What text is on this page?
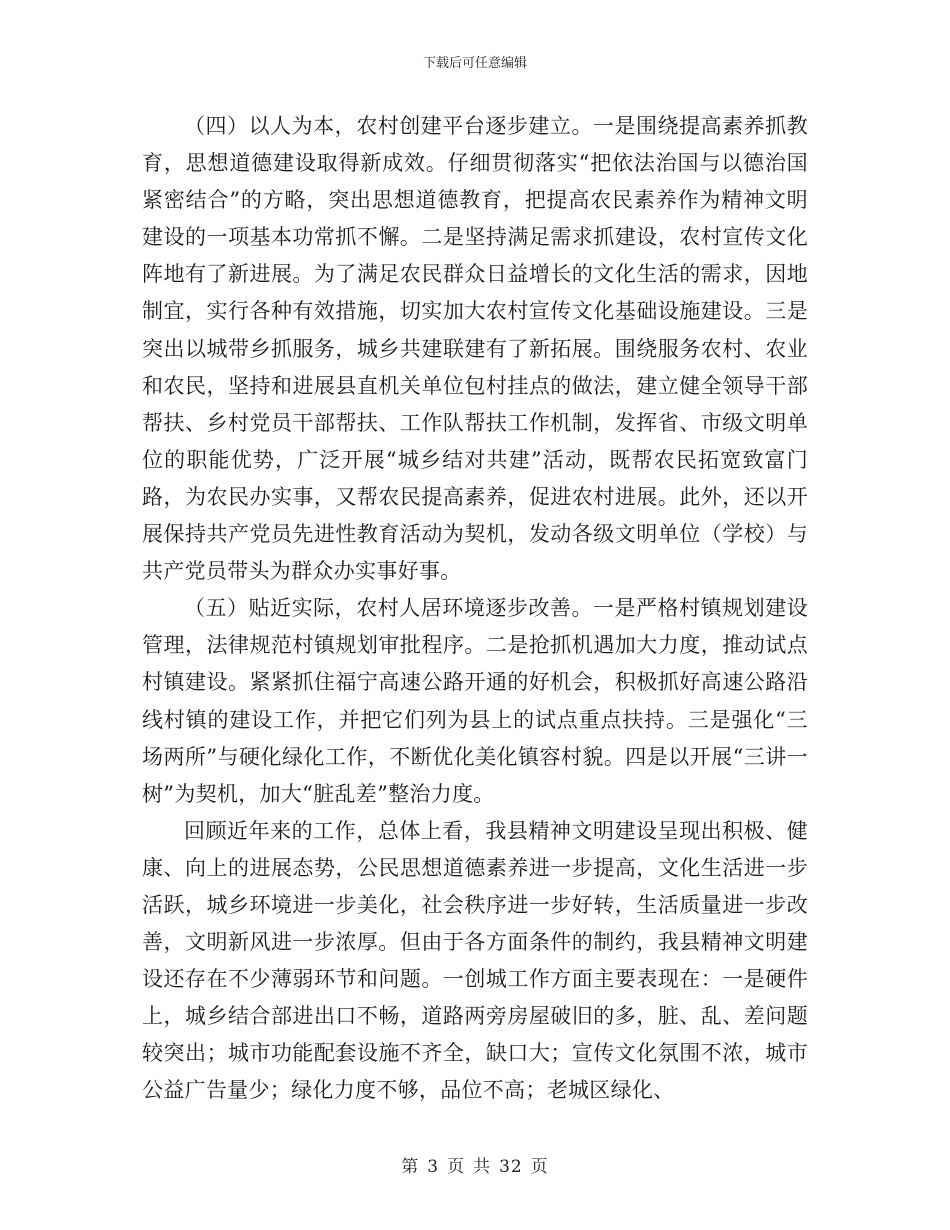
下载后可任意编辑

（四）以人为本，农村创建平台逐步建立。一是围绕提高素养抓教育，思想道德建设取得新成效。仔细贯彻落实“把依法治国与以德治国紧密结合”的方略，突出思想道德教育，把提高农民素养作为精神文明建设的一项基本功常抓不懈。二是坚持满足需求抓建设，农村宣传文化阵地有了新进展。为了满足农民群众日益增长的文化生活的需求，因地制宜，实行各种有效措施，切实加大农村宣传文化基础设施建设。三是突出以城带乡抓服务，城乡共建联建有了新拓展。围绕服务农村、农业和农民，坚持和进展县直机关单位包村挂点的做法，建立健全领导干部帮扶、乡村党员干部帮扶、工作队帮扶工作机制，发挥省、市级文明单位的职能优势，广泛开展“城乡结对共建”活动，既帮农民拓宽致富门路，为农民办实事，又帮农民提高素养，促进农村进展。此外，还以开展保持共产党员先进性教育活动为契机，发动各级文明单位（学校）与共产党员带头为群众办实事好事。

（五）贴近实际，农村人居环境逐步改善。一是严格村镇规划建设管理，法律规范村镇规划审批程序。二是抢抓机遇加大力度，推动试点村镇建设。紧紧抓住福宁高速公路开通的好机会，积极抓好高速公路沿线村镇的建设工作，并把它们列为县上的试点重点扶持。三是强化“三场两所”与硬化绿化工作，不断优化美化镇容村貌。四是以开展“三讲一树”为契机，加大“脏乱差”整治力度。

回顾近年来的工作，总体上看，我县精神文明建设呈现出积极、健康、向上的进展态势，公民思想道德素养进一步提高，文化生活进一步活跃，城乡环境进一步美化，社会秩序进一步好转，生活质量进一步改善，文明新风进一步浓厚。但由于各方面条件的制约，我县精神文明建设还存在不少薄弱环节和问题。一创城工作方面主要表现在：一是硬件上，城乡结合部进出口不畅，道路两旁房屋破旧的多，脏、乱、差问题较突出；城市功能配套设施不齐全，缺口大；宣传文化氛围不浓，城市公益广告量少；绿化力度不够，品位不高；老城区绿化、

第 3 页 共 32 页
